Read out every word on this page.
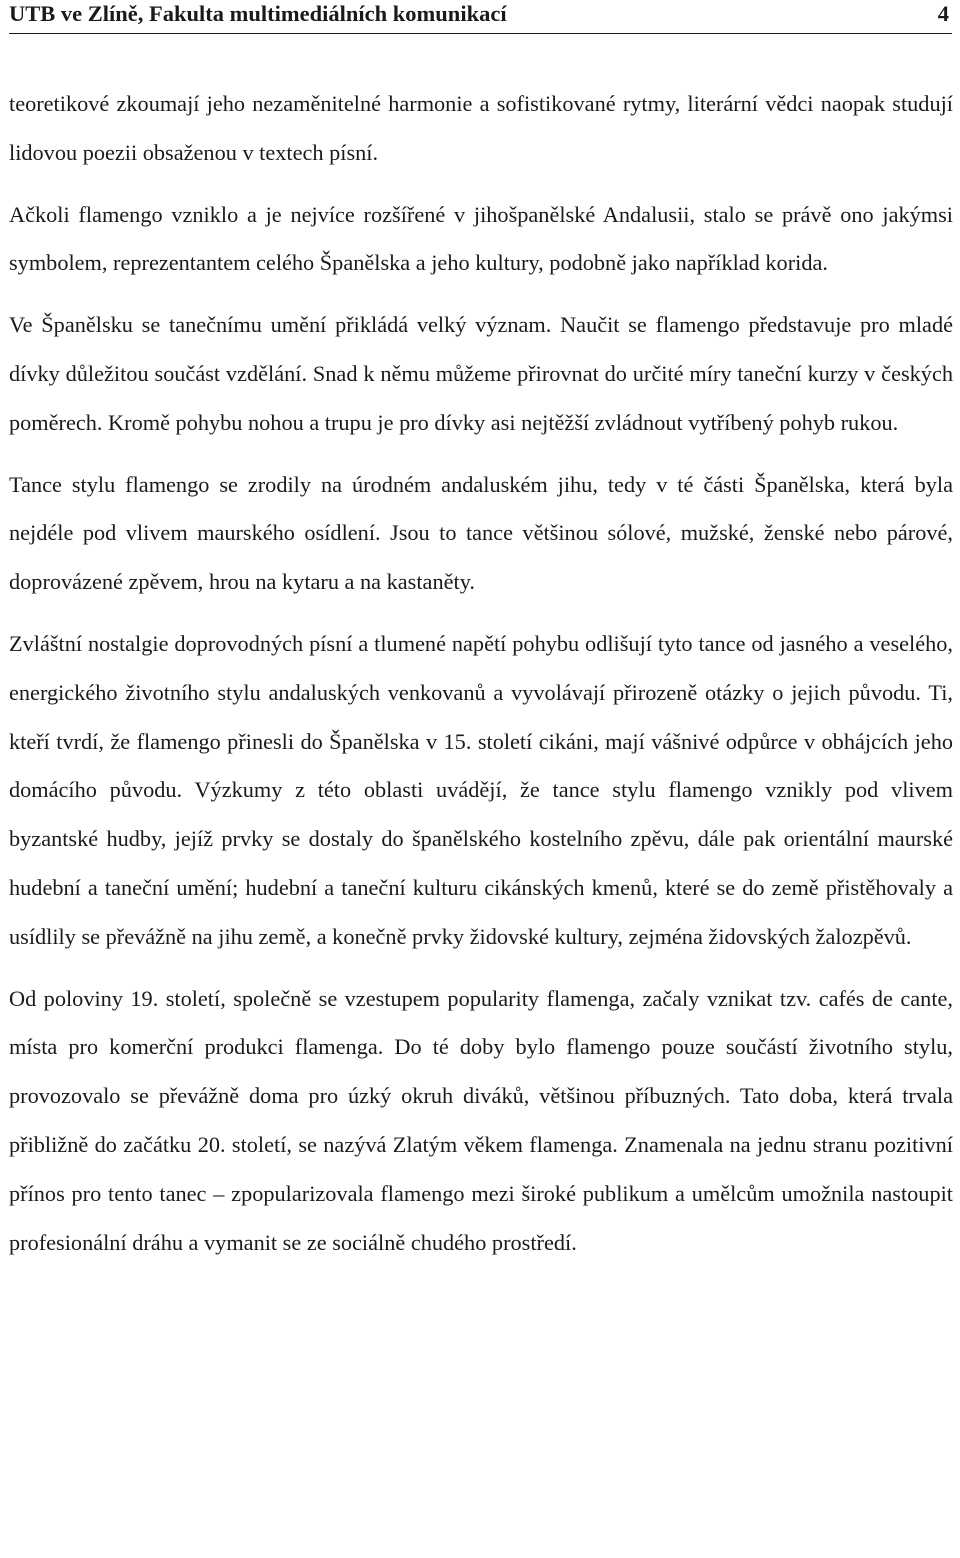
UTB ve Zlíně, Fakulta multimediálních komunikací	4

teoretikové zkoumají jeho nezaměnitelné harmonie a sofistikované rytmy, literární vědci naopak studují lidovou poezii obsaženou v textech písní.

Ačkoli flamengo vzniklo a je nejvíce rozšířené v jihošpanělské Andalusii, stalo se právě ono jakýmsi symbolem, reprezentantem celého Španělska a jeho kultury, podobně jako například korida.

Ve Španělsku se tanečnímu umění přikládá velký význam. Naučit se flamengo představuje pro mladé dívky důležitou součást vzdělání. Snad k němu můžeme přirovnat do určité míry taneční kurzy v českých poměrech. Kromě pohybu nohou a trupu je pro dívky asi nejtěžší zvládnout vytříbený pohyb rukou.

Tance stylu flamengo se zrodily na úrodném andaluském jihu, tedy v té části Španělska, která byla nejdéle pod vlivem maurského osídlení. Jsou to tance většinou sólové, mužské, ženské nebo párové, doprovázené zpěvem, hrou na kytaru a na kastaněty.

Zvláštní nostalgie doprovodných písní a tlumené napětí pohybu odlišují tyto tance od jasného a veselého, energického životního stylu andaluských venkovanů a vyvolávají přirozeně otázky o jejich původu. Ti, kteří tvrdí, že flamengo přinesli do Španělska v 15. století cikáni, mají vášnivé odpůrce v obhájcích jeho domácího původu. Výzkumy z této oblasti uvádějí, že tance stylu flamengo vznikly pod vlivem byzantské hudby, jejíž prvky se dostaly do španělského kostelního zpěvu, dále pak orientální maurské hudební a taneční umění; hudební a taneční kulturu cikánských kmenů, které se do země přistěhovaly a usídlily se převážně na jihu země, a konečně prvky židovské kultury, zejména židovských žalozpěvů.

Od poloviny 19. století, společně se vzestupem popularity flamenga, začaly vznikat tzv. cafés de cante, místa pro komerční produkci flamenga. Do té doby bylo flamengo pouze součástí životního stylu, provozovalo se převážně doma pro úzký okruh diváků, většinou příbuzných. Tato doba, která trvala přibližně do začátku 20. století, se nazývá Zlatým věkem flamenga. Znamenala na jednu stranu pozitivní přínos pro tento tanec – zpopularizovala flamengo mezi široké publikum a umělcům umožnila nastoupit profesionální dráhu a vymanit se ze sociálně chudého prostředí.
